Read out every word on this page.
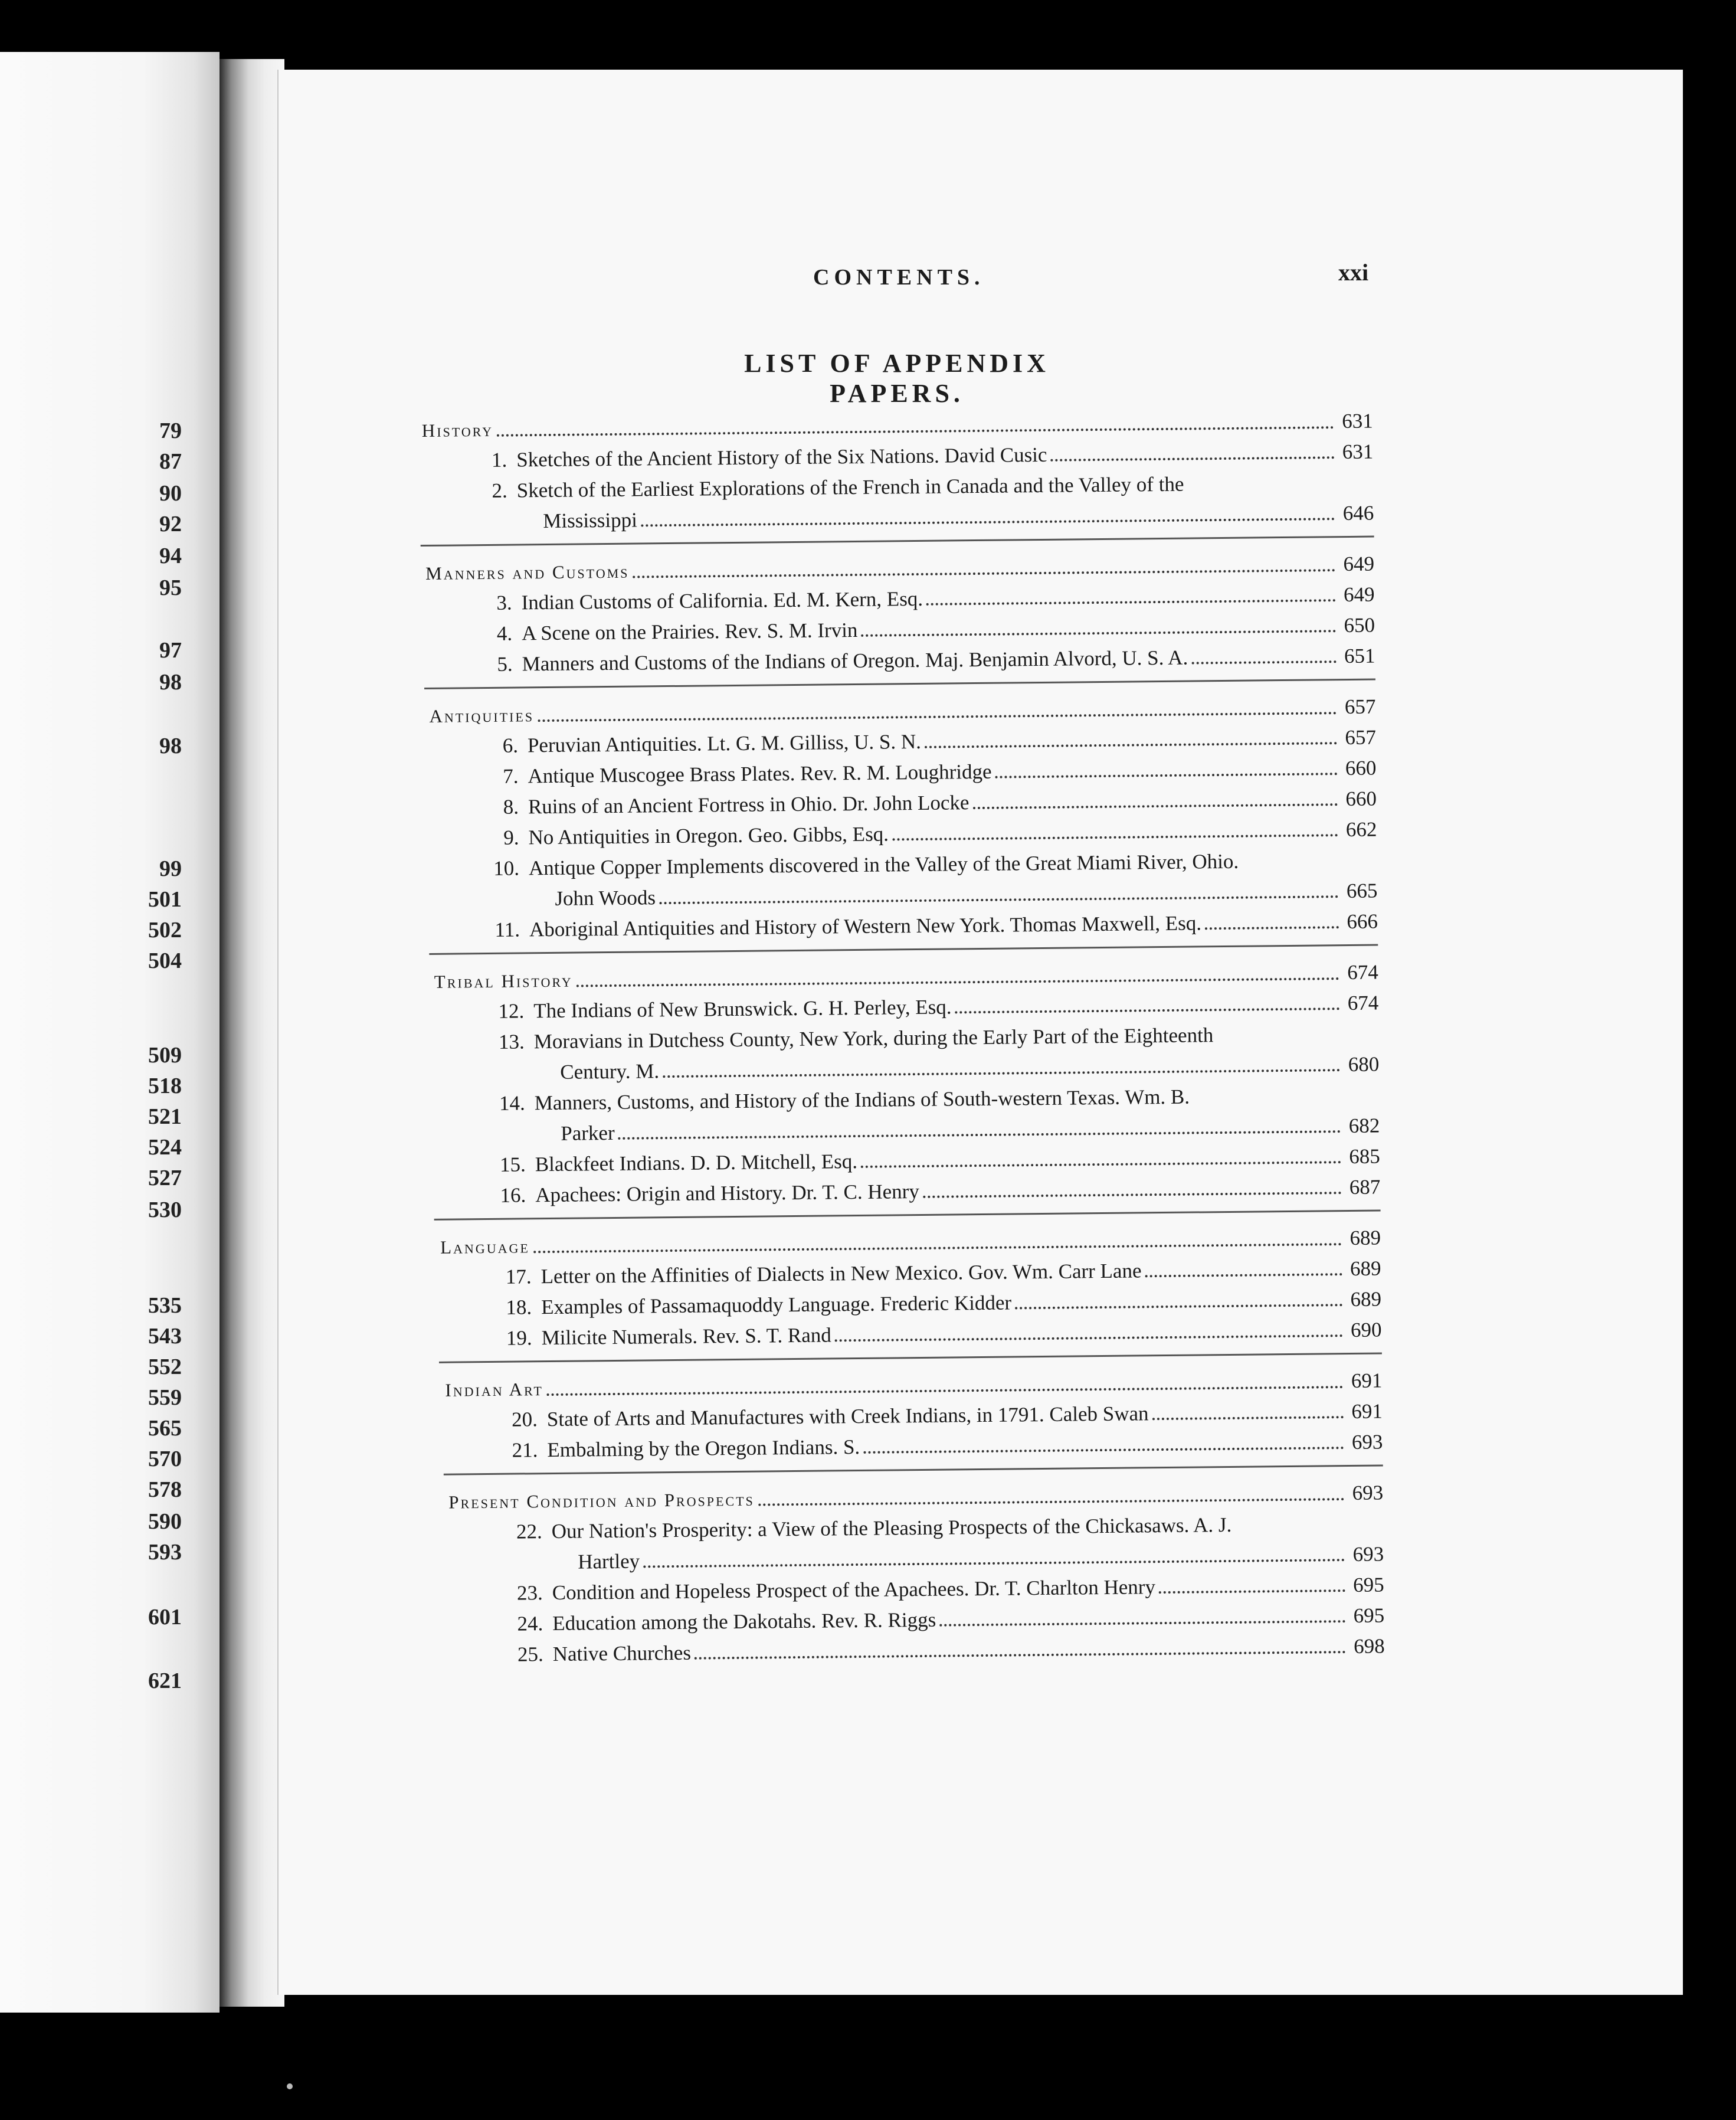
79
87
90
92
94
95
97
98
98
99
501
502
504
509
518
521
524
527
530
535
543
552
559
565
570
578
590
593
601
621
CONTENTS.	xxi
LIST OF APPENDIX PAPERS.
History	631
1. Sketches of the Ancient History of the Six Nations. David Cusic	631
2. Sketch of the Earliest Explorations of the French in Canada and the Valley of the
Mississippi	646
Manners and Customs	649
3. Indian Customs of California. Ed. M. Kern, Esq.	649
4. A Scene on the Prairies. Rev. S. M. Irvin	650
5. Manners and Customs of the Indians of Oregon. Maj. Benjamin Alvord, U. S. A.	651
Antiquities	657
6. Peruvian Antiquities. Lt. G. M. Gilliss, U. S. N.	657
7. Antique Muscogee Brass Plates. Rev. R. M. Loughridge	660
8. Ruins of an Ancient Fortress in Ohio. Dr. John Locke	660
9. No Antiquities in Oregon. Geo. Gibbs, Esq.	662
10. Antique Copper Implements discovered in the Valley of the Great Miami River, Ohio.
John Woods	665
11. Aboriginal Antiquities and History of Western New York. Thomas Maxwell, Esq.	666
Tribal History	674
12. The Indians of New Brunswick. G. H. Perley, Esq.	674
13. Moravians in Dutchess County, New York, during the Early Part of the Eighteenth
Century. M.	680
14. Manners, Customs, and History of the Indians of South-western Texas. Wm. B.
Parker	682
15. Blackfeet Indians. D. D. Mitchell, Esq.	685
16. Apachees: Origin and History. Dr. T. C. Henry	687
Language	689
17. Letter on the Affinities of Dialects in New Mexico. Gov. Wm. Carr Lane	689
18. Examples of Passamaquoddy Language. Frederic Kidder	689
19. Milicite Numerals. Rev. S. T. Rand	690
Indian Art	691
20. State of Arts and Manufactures with Creek Indians, in 1791. Caleb Swan	691
21. Embalming by the Oregon Indians. S.	693
Present Condition and Prospects	693
22. Our Nation's Prosperity: a View of the Pleasing Prospects of the Chickasaws. A. J.
Hartley	693
23. Condition and Hopeless Prospect of the Apachees. Dr. T. Charlton Henry	695
24. Education among the Dakotahs. Rev. R. Riggs	695
25. Native Churches	698
